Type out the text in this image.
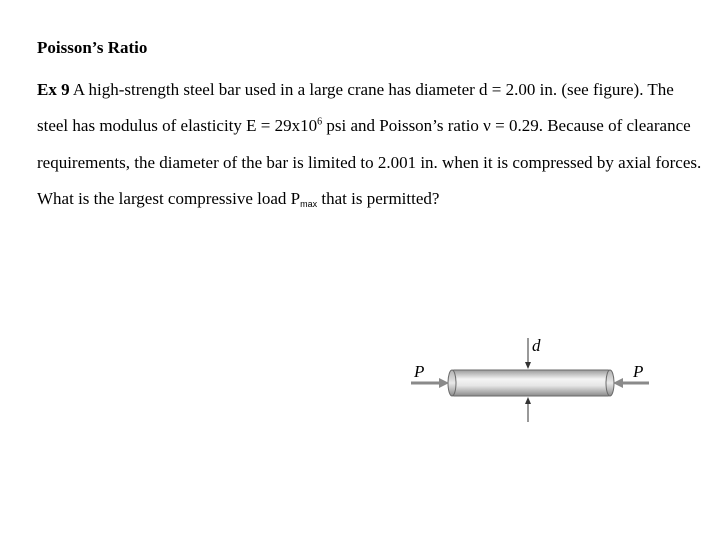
Poisson’s Ratio
Ex 9 A high-strength steel bar used in a large crane has diameter d = 2.00 in. (see figure). The steel has modulus of elasticity $E = 29x10^6$ psi and Poisson’s ratio ν = 0.29. Because of clearance requirements, the diameter of the bar is limited to 2.001 in. when it is compressed by axial forces. What is the largest compressive load $P_{max}$ that is permitted?
P	P
d
